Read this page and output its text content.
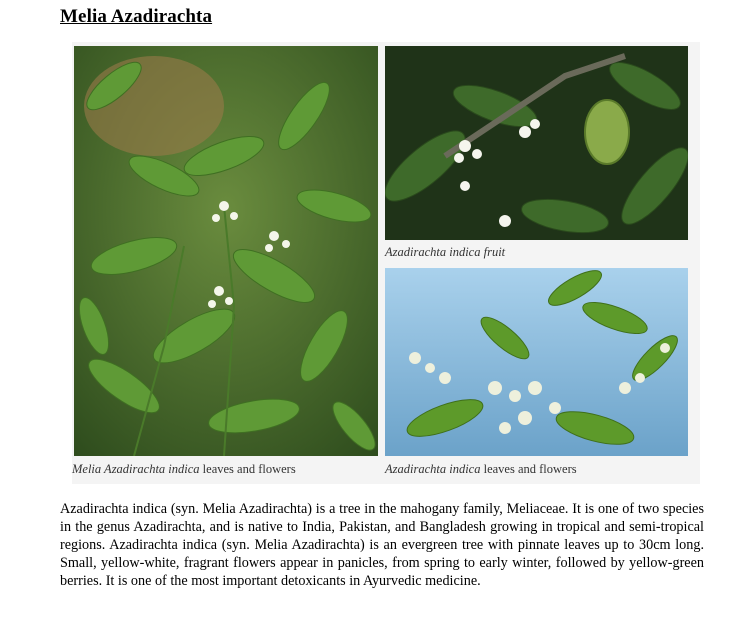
Melia Azadirachta
Melia Azadirachta indica leaves and flowers
Azadirachta indica fruit
Azadirachta indica leaves and flowers
Azadirachta indica (syn. Melia Azadirachta) is a tree in the mahogany family, Meliaceae. It is one of two species in the genus Azadirachta, and is native to India, Pakistan, and Bangladesh growing in tropical and semi-tropical regions. Azadirachta indica (syn. Melia Azadirachta) is an evergreen tree with pinnate leaves up to 30cm long. Small, yellow-white, fragrant flowers appear in panicles, from spring to early winter, followed by yellow-green berries. It is one of the most important detoxicants in Ayurvedic medicine.
